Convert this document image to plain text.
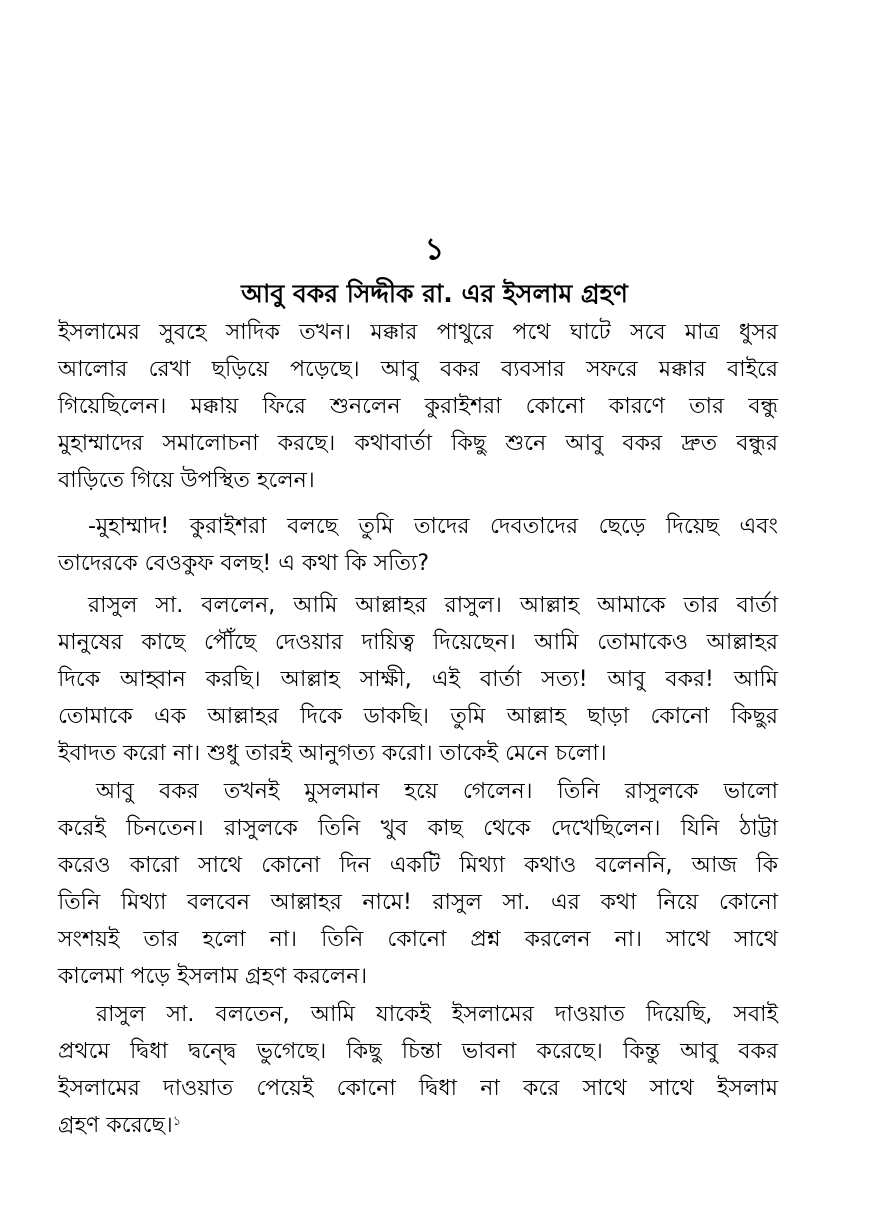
১
আবু বকর সিদ্দীক রা. এর ইসলাম গ্রহণ
ইসলামের সুবহে সাদিক তখন। মক্কার পাথুরে পথে ঘাটে সবে মাত্র ধুসর
আলোর রেখা ছড়িয়ে পড়েছে। আবু বকর ব্যবসার সফরে মক্কার বাইরে
গিয়েছিলেন। মক্কায় ফিরে শুনলেন কুরাইশরা কোনো কারণে তার বন্ধু
মুহাম্মাদের সমালোচনা করছে। কথাবার্তা কিছু শুনে আবু বকর দ্রুত বন্ধুর
বাড়িতে গিয়ে উপস্থিত হলেন।
-মুহাম্মাদ! কুরাইশরা বলছে তুমি তাদের দেবতাদের ছেড়ে দিয়েছ এবং
তাদেরকে বেওকুফ বলছ! এ কথা কি সত্যি?
রাসুল সা. বললেন, আমি আল্লাহর রাসুল। আল্লাহ আমাকে তার বার্তা
মানুষের কাছে পৌঁছে দেওয়ার দায়িত্ব দিয়েছেন। আমি তোমাকেও আল্লাহর
দিকে আহ্বান করছি। আল্লাহ সাক্ষী, এই বার্তা সত্য! আবু বকর! আমি
তোমাকে এক আল্লাহর দিকে ডাকছি। তুমি আল্লাহ ছাড়া কোনো কিছুর
ইবাদত করো না। শুধু তারই আনুগত্য করো। তাকেই মেনে চলো।
আবু বকর তখনই মুসলমান হয়ে গেলেন। তিনি রাসুলকে ভালো
করেই চিনতেন। রাসুলকে তিনি খুব কাছ থেকে দেখেছিলেন। যিনি ঠাট্টা
করেও কারো সাথে কোনো দিন একটি মিথ্যা কথাও বলেননি, আজ কি
তিনি মিথ্যা বলবেন আল্লাহর নামে! রাসুল সা. এর কথা নিয়ে কোনো
সংশয়ই তার হলো না। তিনি কোনো প্রশ্ন করলেন না। সাথে সাথে
কালেমা পড়ে ইসলাম গ্রহণ করলেন।
রাসুল সা. বলতেন, আমি যাকেই ইসলামের দাওয়াত দিয়েছি, সবাই
প্রথমে দ্বিধা দ্বন্দ্বে ভুগেছে। কিছু চিন্তা ভাবনা করেছে। কিন্তু আবু বকর
ইসলামের দাওয়াত পেয়েই কোনো দ্বিধা না করে সাথে সাথে ইসলাম
গ্রহণ করেছে।$^১$
